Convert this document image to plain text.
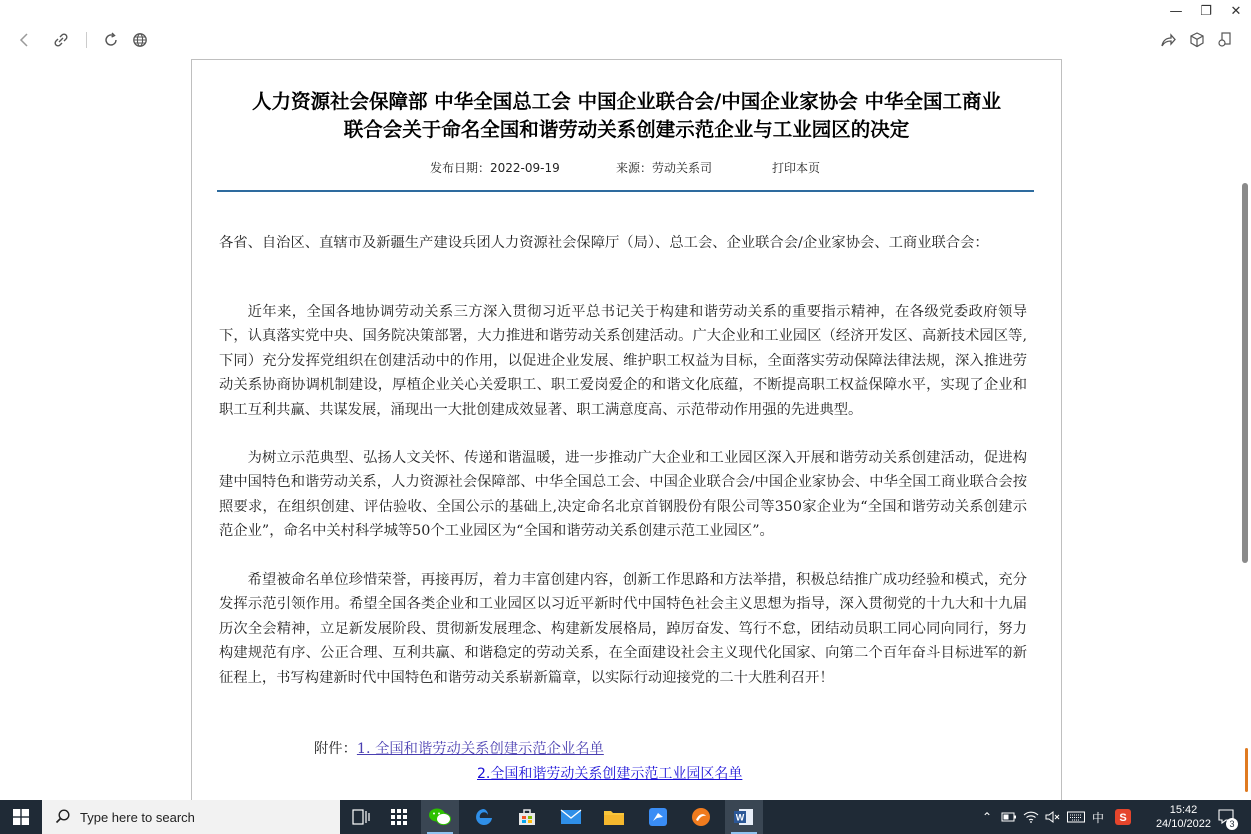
—	❐	✕
人力资源社会保障部 中华全国总工会 中国企业联合会/中国企业家协会 中华全国工商业
联合会关于命名全国和谐劳动关系创建示范企业与工业园区的决定
发布日期：2022-09-19	来源：劳动关系司	打印本页
各省、自治区、直辖市及新疆生产建设兵团人力资源社会保障厅（局）、总工会、企业联合会/企业家协会、工商业联合会：
近年来，全国各地协调劳动关系三方深入贯彻习近平总书记关于构建和谐劳动关系的重要指示精神，在各级党委政府领导下，认真落实党中央、国务院决策部署，大力推进和谐劳动关系创建活动。广大企业和工业园区（经济开发区、高新技术园区等,下同）充分发挥党组织在创建活动中的作用，以促进企业发展、维护职工权益为目标，全面落实劳动保障法律法规，深入推进劳动关系协商协调机制建设，厚植企业关心关爱职工、职工爱岗爱企的和谐文化底蕴，不断提高职工权益保障水平，实现了企业和职工互利共赢、共谋发展，涌现出一大批创建成效显著、职工满意度高、示范带动作用强的先进典型。
为树立示范典型、弘扬人文关怀、传递和谐温暖，进一步推动广大企业和工业园区深入开展和谐劳动关系创建活动，促进构建中国特色和谐劳动关系，人力资源社会保障部、中华全国总工会、中国企业联合会/中国企业家协会、中华全国工商业联合会按照要求，在组织创建、评估验收、全国公示的基础上,决定命名北京首钢股份有限公司等350家企业为“全国和谐劳动关系创建示范企业”，命名中关村科学城等50个工业园区为“全国和谐劳动关系创建示范工业园区”。
希望被命名单位珍惜荣誉，再接再厉，着力丰富创建内容，创新工作思路和方法举措，积极总结推广成功经验和模式，充分发挥示范引领作用。希望全国各类企业和工业园区以习近平新时代中国特色社会主义思想为指导，深入贯彻党的十九大和十九届历次全会精神，立足新发展阶段、贯彻新发展理念、构建新发展格局，踔厉奋发、笃行不怠，团结动员职工同心同向同行，努力构建规范有序、公正合理、互利共赢、和谐稳定的劳动关系，在全面建设社会主义现代化国家、向第二个百年奋斗目标进军的新征程上，书写构建新时代中国特色和谐劳动关系崭新篇章，以实际行动迎接党的二十大胜利召开！
附件：1. 全国和谐劳动关系创建示范企业名单
2.全国和谐劳动关系创建示范工业园区名单
Type here to search	W	⌃	中	S
15:42
24/10/2022	3
